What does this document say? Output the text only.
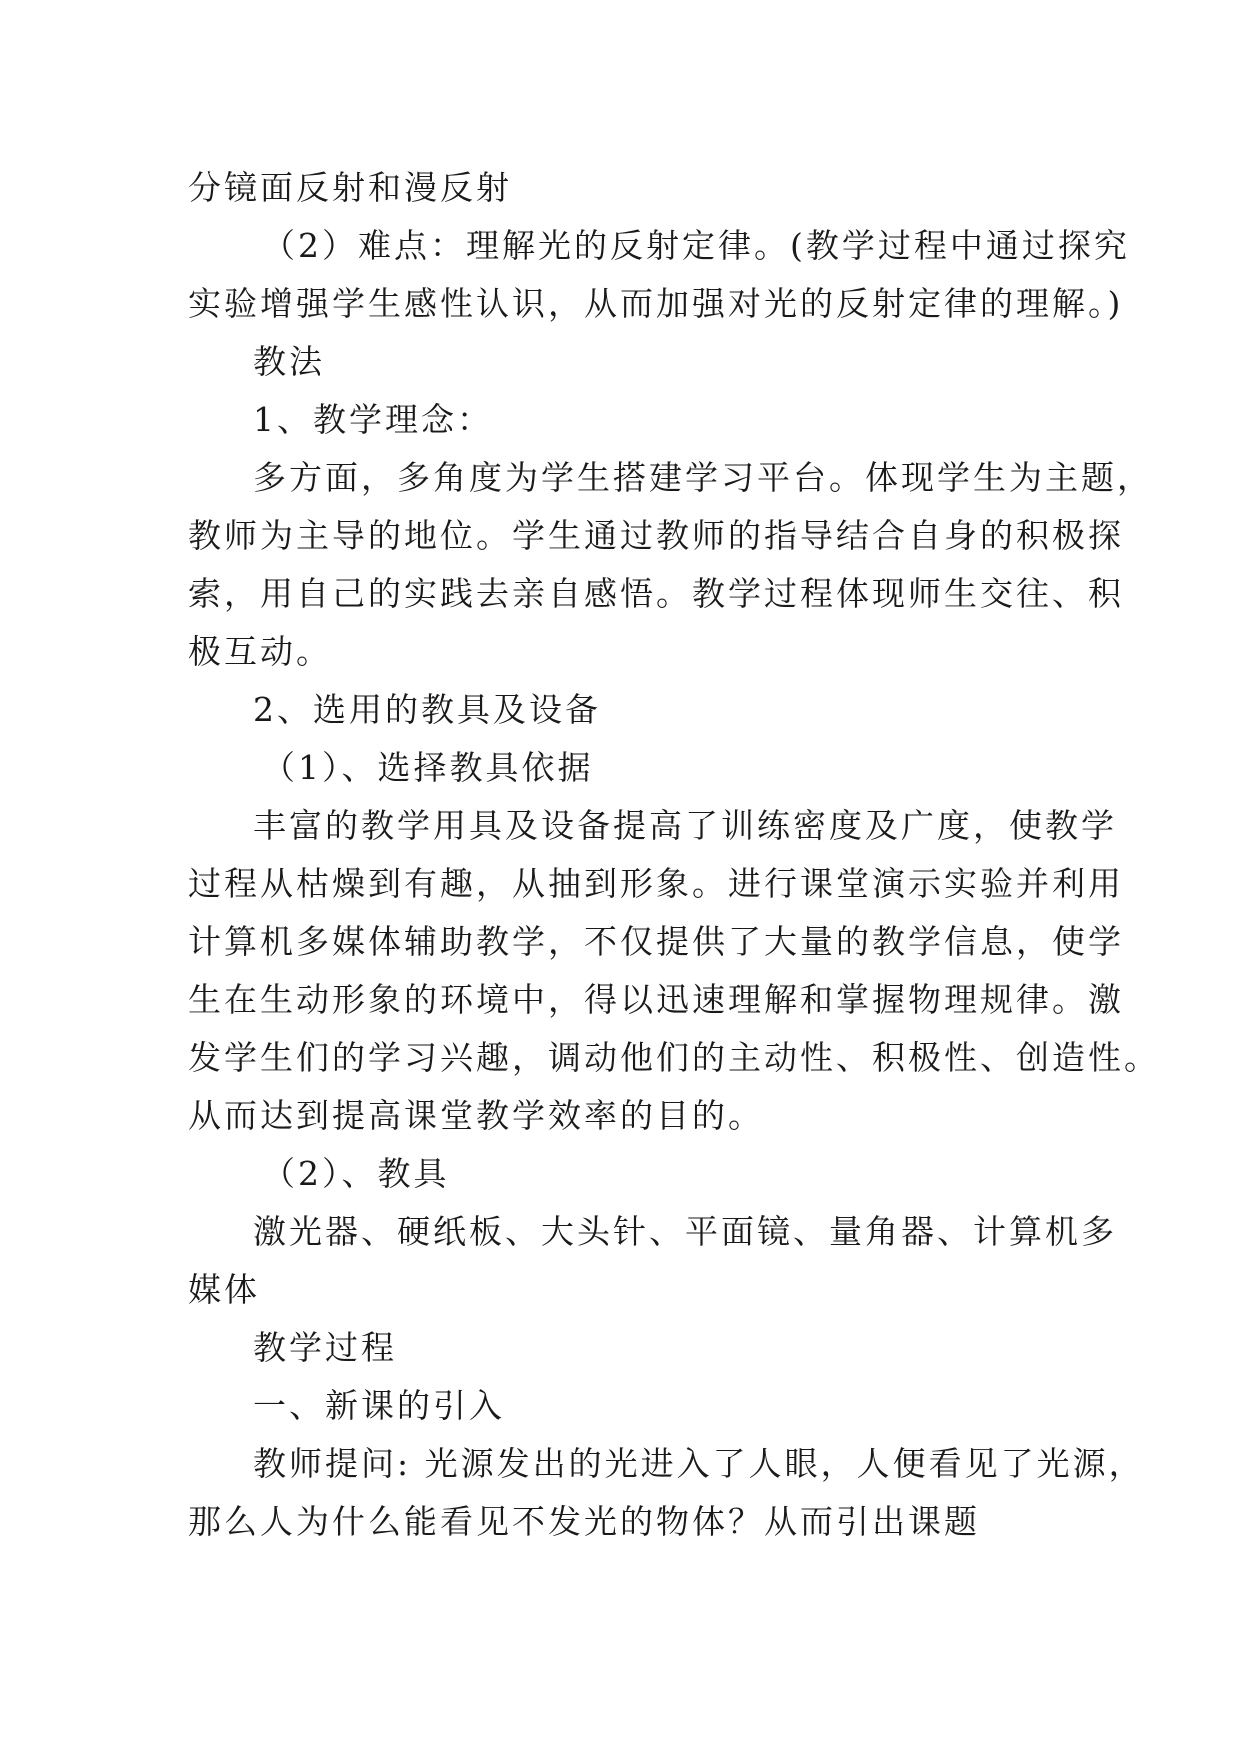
分镜面反射和漫反射
（2）难点：理解光的反射定律。(教学过程中通过探究
实验增强学生感性认识，从而加强对光的反射定律的理解。)
教法
1、教学理念：
多方面，多角度为学生搭建学习平台。体现学生为主题，
教师为主导的地位。学生通过教师的指导结合自身的积极探
索，用自己的实践去亲自感悟。教学过程体现师生交往、积
极互动。
2、选用的教具及设备
（1）、选择教具依据
丰富的教学用具及设备提高了训练密度及广度，使教学
过程从枯燥到有趣，从抽到形象。进行课堂演示实验并利用
计算机多媒体辅助教学，不仅提供了大量的教学信息，使学
生在生动形象的环境中，得以迅速理解和掌握物理规律。激
发学生们的学习兴趣，调动他们的主动性、积极性、创造性。
从而达到提高课堂教学效率的目的。
（2）、教具
激光器、硬纸板、大头针、平面镜、量角器、计算机多
媒体
教学过程
一、新课的引入
教师提问: 光源发出的光进入了人眼，人便看见了光源，
那么人为什么能看见不发光的物体？从而引出课题
